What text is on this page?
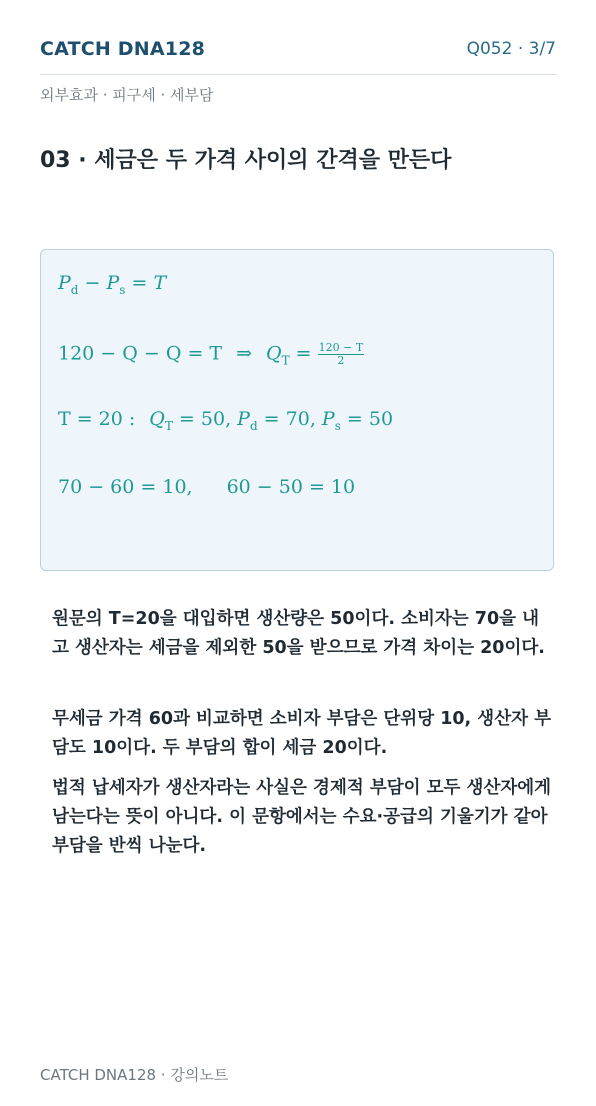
CATCH DNA128	Q052 · 3/7
외부효과 · 피구세 · 세부담
03 · 세금은 두 가격 사이의 간격을 만든다
$P_d - P_s = T$
120 − Q − Q = T ⇒ $Q_T = \frac{120 - T}{2}$
T = 20 : $Q_T = 50$, $P_d = 70$, $P_s = 50$
70 − 60 = 10, 60 − 50 = 10
원문의 T=20을 대입하면 생산량은 50이다. 소비자는 70을 내고 생산자는 세금을 제외한 50을 받으므로 가격 차이는 20이다.
무세금 가격 60과 비교하면 소비자 부담은 단위당 10, 생산자 부담도 10이다. 두 부담의 합이 세금 20이다.
법적 납세자가 생산자라는 사실은 경제적 부담이 모두 생산자에게 남는다는 뜻이 아니다. 이 문항에서는 수요·공급의 기울기가 같아 부담을 반씩 나눈다.
CATCH DNA128 · 강의노트
